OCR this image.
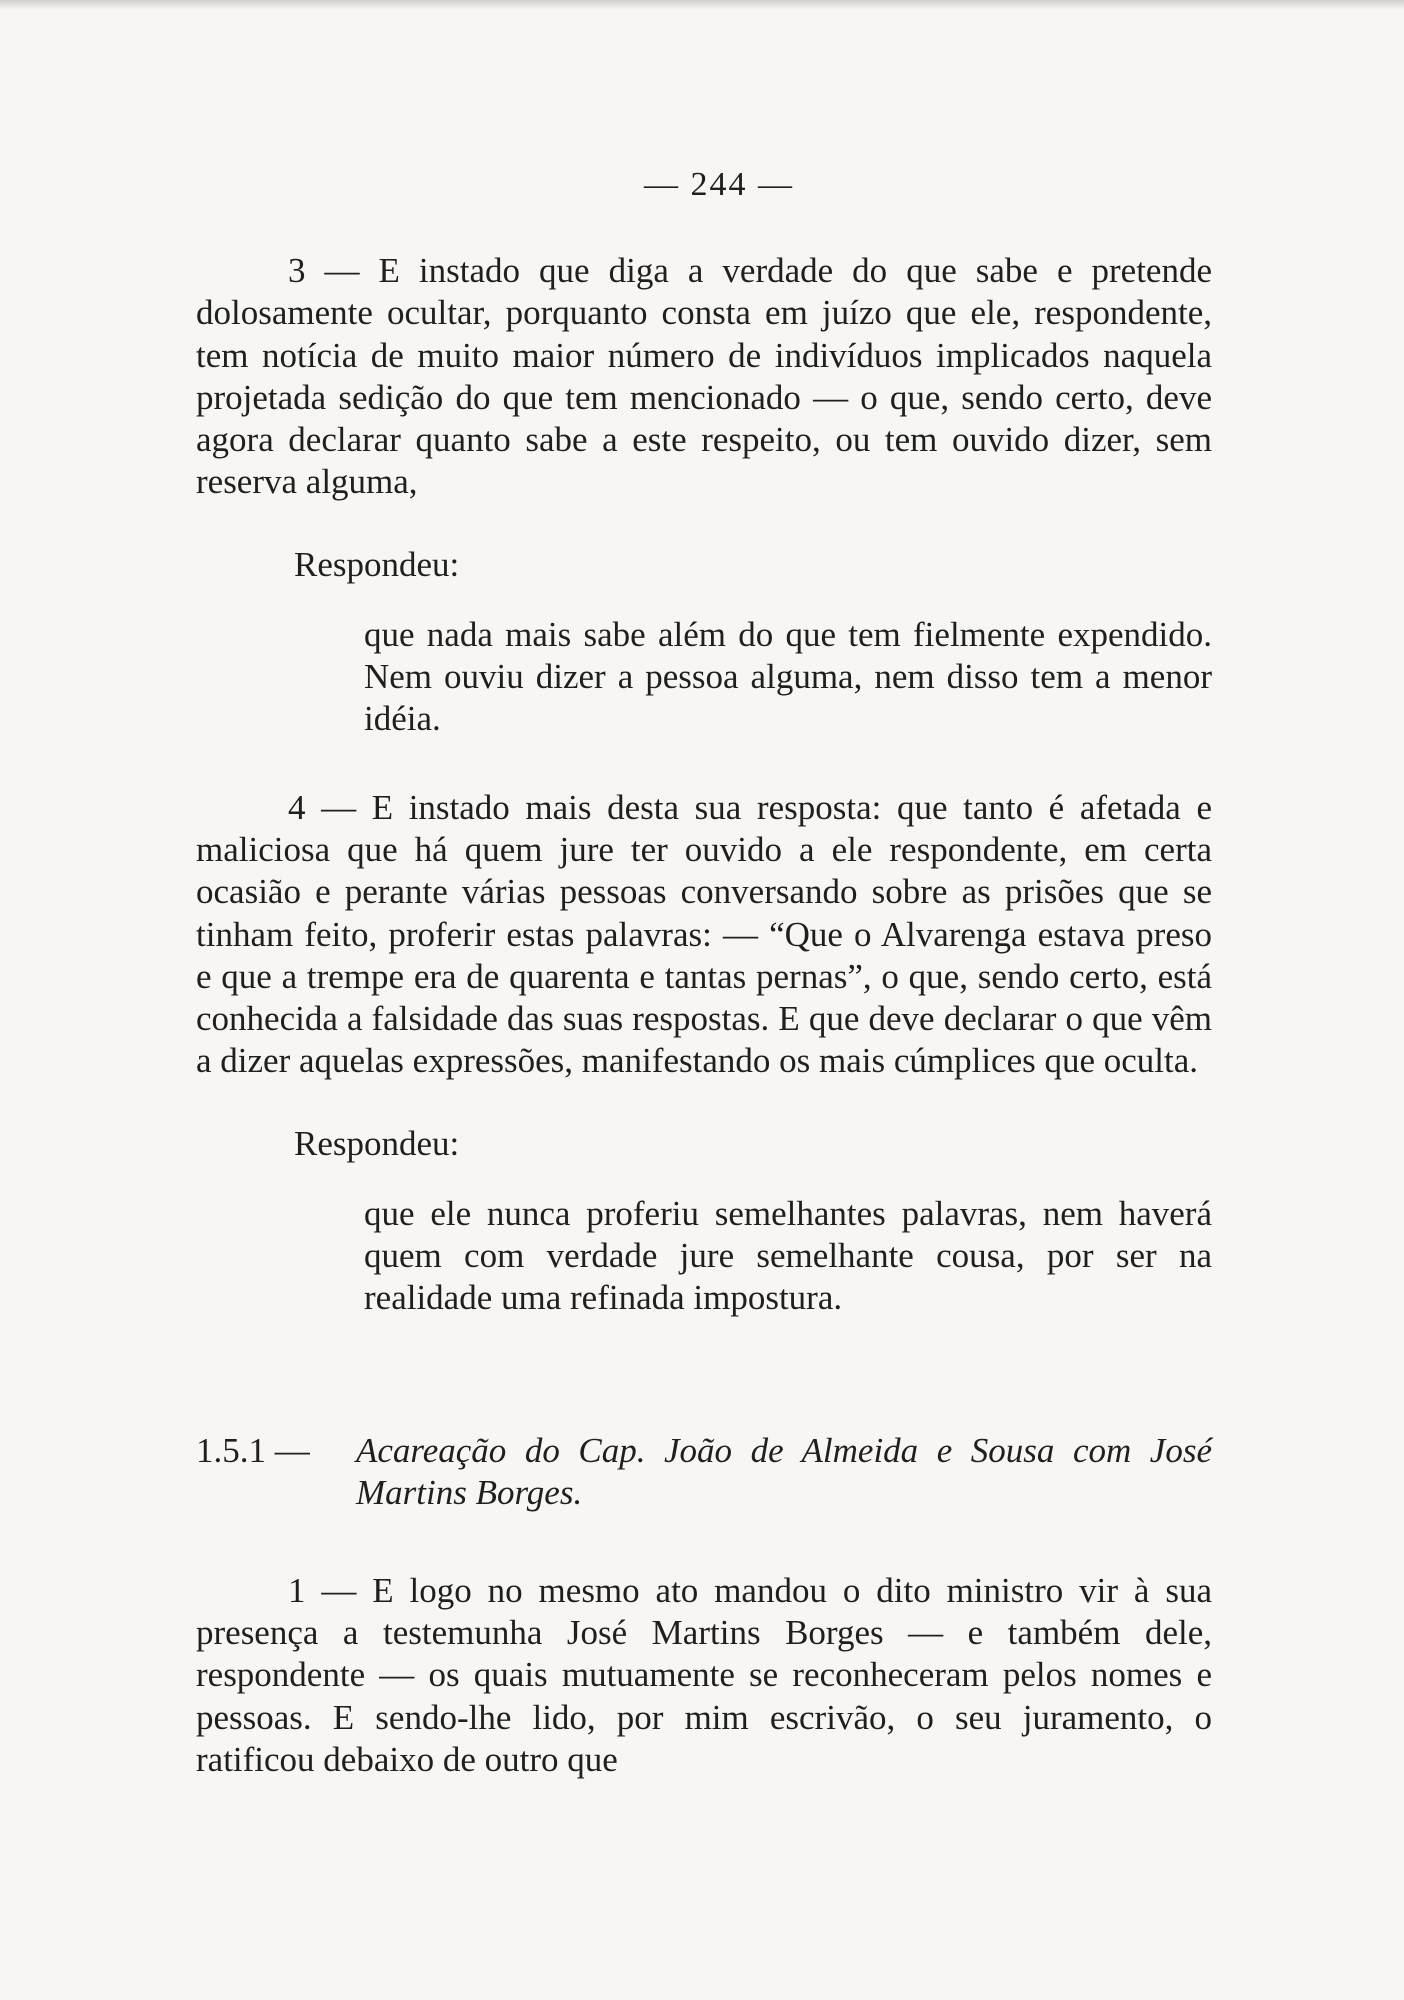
— 244 —

3 — E instado que diga a verdade do que sabe e pretende dolosamente ocultar, porquanto consta em juízo que ele, respondente, tem notícia de muito maior número de indivíduos implicados naquela projetada sedição do que tem mencionado — o que, sendo certo, deve agora declarar quanto sabe a este respeito, ou tem ouvido dizer, sem reserva alguma,

Respondeu:

que nada mais sabe além do que tem fielmente expendido. Nem ouviu dizer a pessoa alguma, nem disso tem a menor idéia.

4 — E instado mais desta sua resposta: que tanto é afetada e maliciosa que há quem jure ter ouvido a ele respondente, em certa ocasião e perante várias pessoas conversando sobre as prisões que se tinham feito, proferir estas palavras: — “Que o Alvarenga estava preso e que a trempe era de quarenta e tantas pernas”, o que, sendo certo, está conhecida a falsidade das suas respostas. E que deve declarar o que vêm a dizer aquelas expressões, manifestando os mais cúmplices que oculta.

Respondeu:

que ele nunca proferiu semelhantes palavras, nem haverá quem com verdade jure semelhante cousa, por ser na realidade uma refinada impostura.

1.5.1 —	Acareação do Cap. João de Almeida e Sousa com José Martins Borges.

1 — E logo no mesmo ato mandou o dito ministro vir à sua presença a testemunha José Martins Borges — e também dele, respondente — os quais mutuamente se reconheceram pelos nomes e pessoas. E sendo-lhe lido, por mim escrivão, o seu juramento, o ratificou debaixo de outro que
